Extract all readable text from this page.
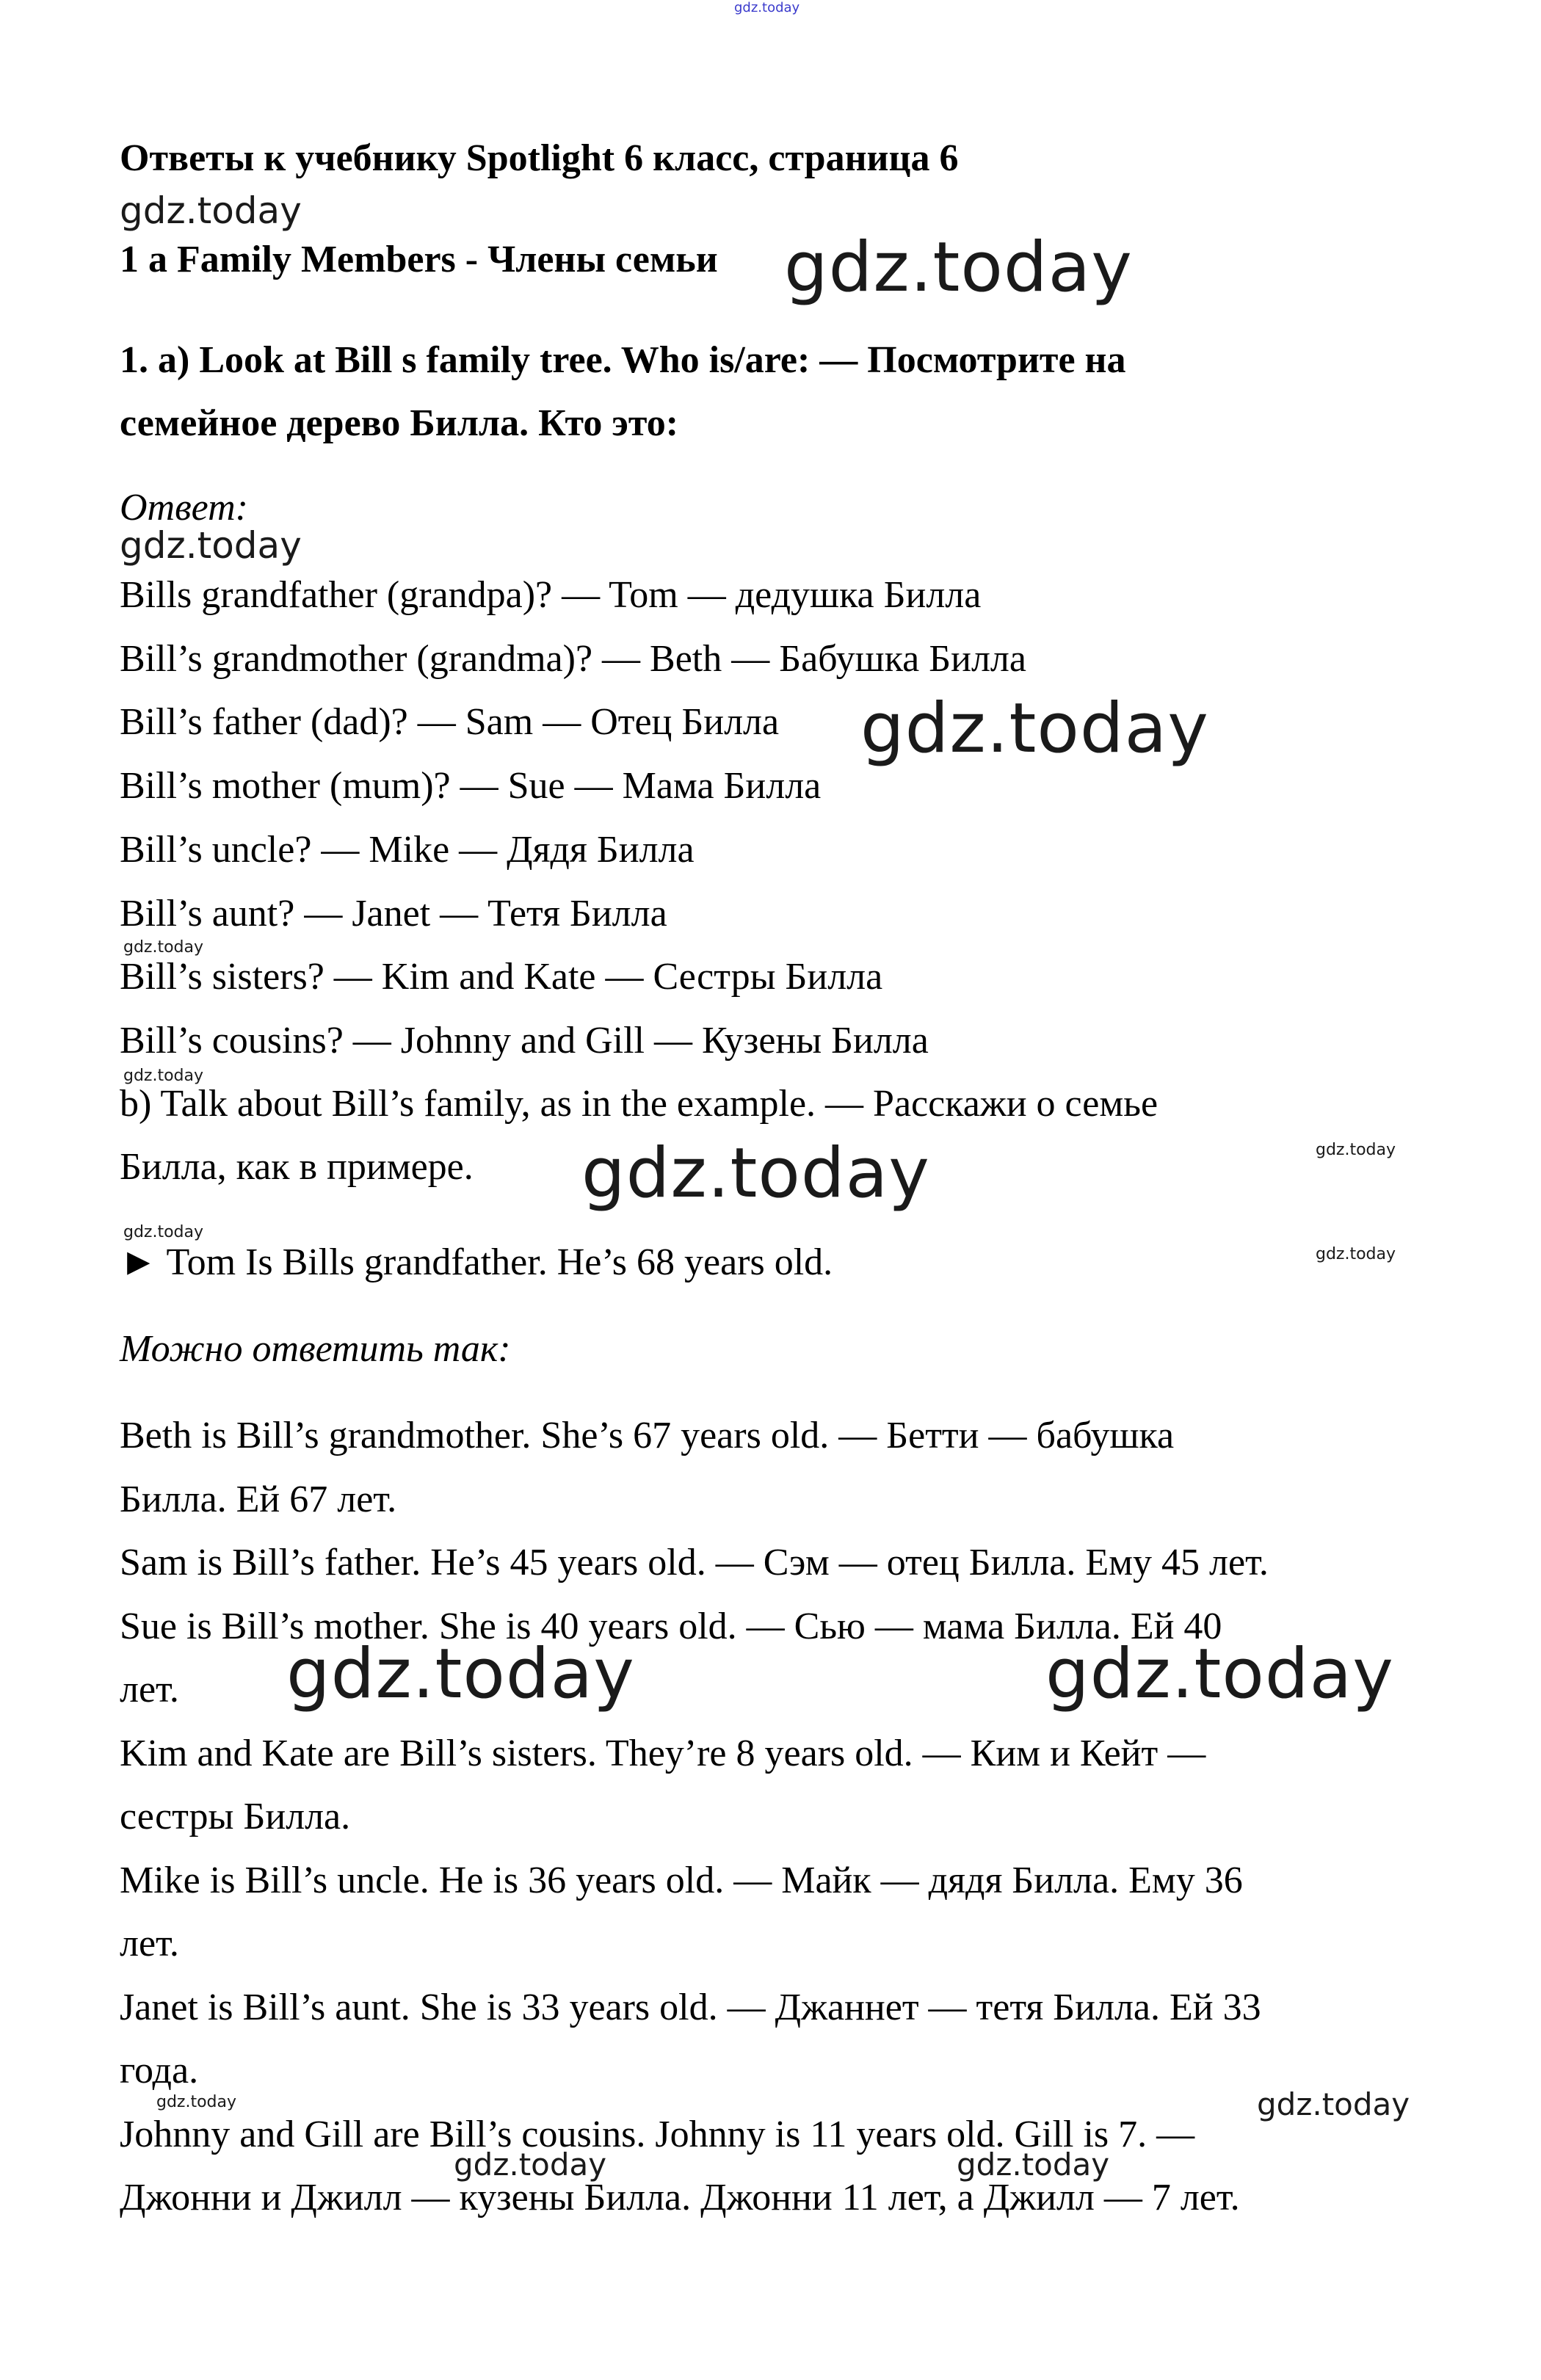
gdz.today
Ответы к учебнику Spotlight 6 класс, страница 6
gdz.today
1 a Family Members - Члены семьи gdz.today
1. a) Look at Bill s family tree. Who is/are: — Посмотрите на
семейное дерево Билла. Кто это:
Ответ:
gdz.today
Bills grandfather (grandpa)? — Tom — дедушка Билла
Bill’s grandmother (grandma)? — Beth — Бабушка Билла
Bill’s father (dad)? — Sam — Отец Билла gdz.today
Bill’s mother (mum)? — Sue — Мама Билла
Bill’s uncle? — Mike — Дядя Билла
Bill’s aunt? — Janet — Тетя Билла
gdz.today
Bill’s sisters? — Kim and Kate — Сестры Билла
Bill’s cousins? — Johnny and Gill — Кузены Билла
gdz.today
b) Talk about Bill’s family, as in the example. — Расскажи о семье
Билла, как в примере. gdz.today	gdz.today
gdz.today
► Tom Is Bills grandfather. He’s 68 years old.	gdz.today
Можно ответить так:
Beth is Bill’s grandmother. She’s 67 years old. — Бетти — бабушка
Билла. Ей 67 лет.
Sam is Bill’s father. He’s 45 years old. — Сэм — отец Билла. Ему 45 лет.
Sue is Bill’s mother. She is 40 years old. — Сью — мама Билла. Ей 40
лет. gdz.today	gdz.today
Kim and Kate are Bill’s sisters. They’re 8 years old. — Ким и Кейт —
сестры Билла.
Mike is Bill’s uncle. He is 36 years old. — Майк — дядя Билла. Ему 36
лет.
Janet is Bill’s aunt. She is 33 years old. — Джаннет — тетя Билла. Ей 33
года.
gdz.today	gdz.today
Johnny and Gill are Bill’s cousins. Johnny is 11 years old. Gill is 7. —
gdz.today	gdz.today
Джонни и Джилл — кузены Билла. Джонни 11 лет, а Джилл — 7 лет.
